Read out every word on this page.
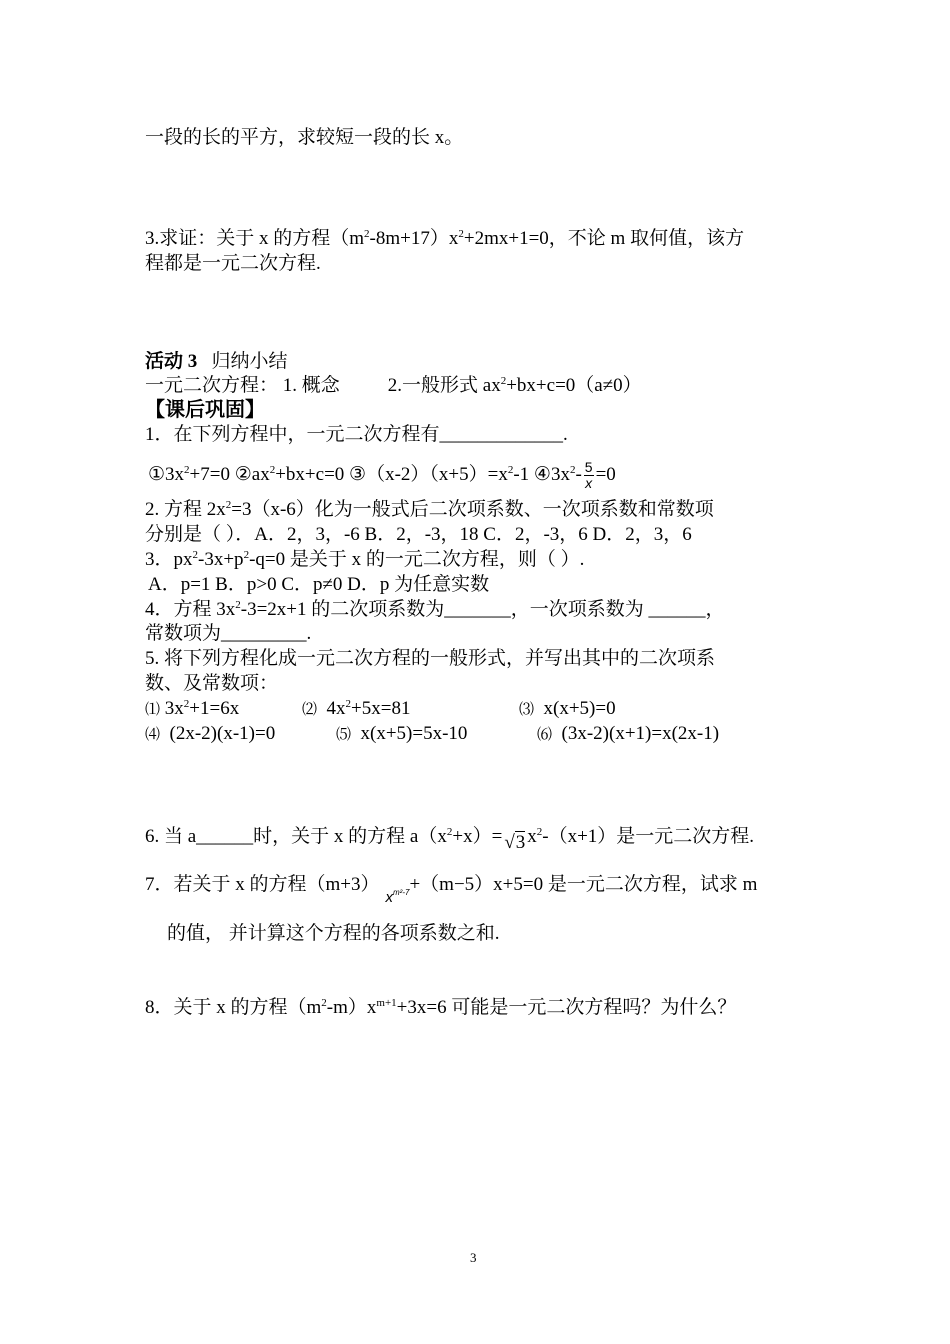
一段的长的平方，求较短一段的长 x。
3.求证：关于 x 的方程$(m^2-8m+17)x^2+2mx+1=0$，不论 m 取何值，该方
程都是一元二次方程.
活动 3 归纳小结
一元二次方程： 1. 概念	2.一般形式 $ax^2+bx+c=0(a\ne 0)$
【课后巩固】
1．在下列方程中，一元二次方程有_____________.
$①3x^2+7=0$ $②ax^2+bx+c=0$ $③(x-2)(x+5)=x^2-1$ $④3x^2- \frac{5}{x} =0$
2. 方程 $2x^2=3(x-6)$化为一般式后二次项系数、一次项系数和常数项
分别是（ ）．A．2，3，-6 B．2，-3，18 C．2，-3，6 D．2，3，6
3．$px^2-3x+p^2-q=0$ 是关于 x 的一元二次方程，则（ ）.
A．p=1 B．p>0 C．p≠0 D．p 为任意实数
4．方程 $3x^2-3=2x+1$ 的二次项系数为_______，一次项系数为 ______，
常数项为_________.
5. 将下列方程化成一元二次方程的一般形式，并写出其中的二次项系
数、及常数项：
⑴ $3x^2+1=6x$	⑵ $4x^2+5x=81$	⑶ x(x+5)=0
⑷ (2x-2)(x-1)=0	⑸ x(x+5)=5x-10	⑹ (3x-2)(x+1)=x(2x-1)
6. 当 a______时，关于 x 的方程 $a(x^2+x)= √3$ $x^2-(x+1)$是一元二次方程.
7．若关于 x 的方程$(m+3)_{x^{m^2-7}}+(m-5)x+5=0$ 是一元二次方程，试求 m
的值， 并计算这个方程的各项系数之和.
8．关于 x 的方程$(m^2-m)x^{m+1}+3x=6$ 可能是一元二次方程吗？为什么？
3
